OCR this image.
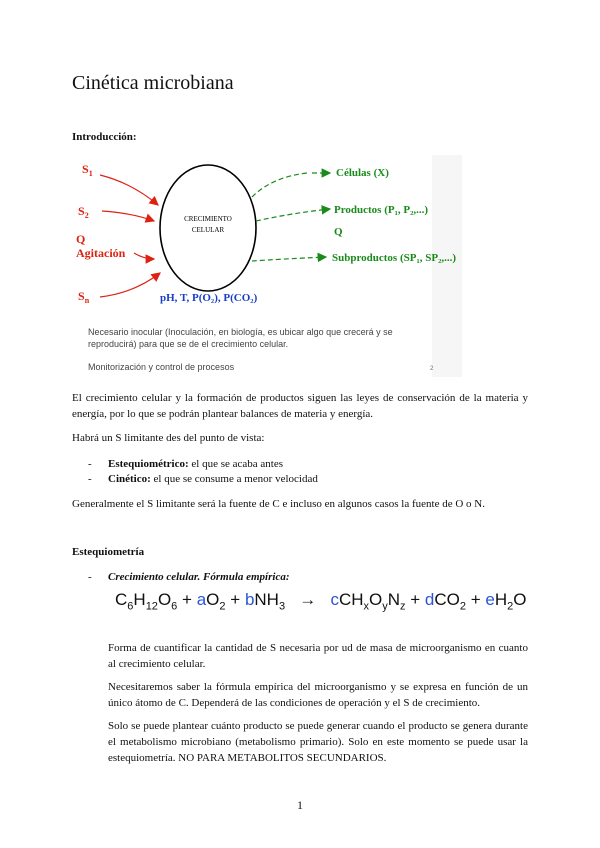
Cinética microbiana
Introducción:
$S_1$
$S_2$
Q
Agitación
$S_n$
CRECIMIENTO
CELULAR
pH, T, P(O₂), P(CO₂)
Células (X)
Productos (P₁, P₂,...)
Q
Subproductos (SP₁, SP₂,...)
Necesario inocular (Inoculación, en biología, es ubicar algo que crecerá y se
reproducirá) para que se de el crecimiento celular.
Monitorización y control de procesos	2

El crecimiento celular y la formación de productos siguen las leyes de conservación de la materia y energía, por lo que se podrán plantear balances de materia y energía.

Habrá un S limitante des del punto de vista:

- Estequiométrico: el que se acaba antes
- Cinético: el que se consume a menor velocidad

Generalmente el S limitante será la fuente de C e incluso en algunos casos la fuente de O o N.

Estequiometría
- Crecimiento celular. Fórmula empírica:
$C_6H_{12}O_6 + aO_2 + bNH_3 \to cCH_xO_yN_z + dCO_2 + eH_2O$

Forma de cuantificar la cantidad de S necesaria por ud de masa de microorganismo en cuanto al crecimiento celular.

Necesitaremos saber la fórmula empírica del microorganismo y se expresa en función de un único átomo de C. Dependerá de las condiciones de operación y el S de crecimiento.

Solo se puede plantear cuánto producto se puede generar cuando el producto se genera durante el metabolismo microbiano (metabolismo primario). Solo en este momento se puede usar la estequiometría. NO PARA METABOLITOS SECUNDARIOS.

1
